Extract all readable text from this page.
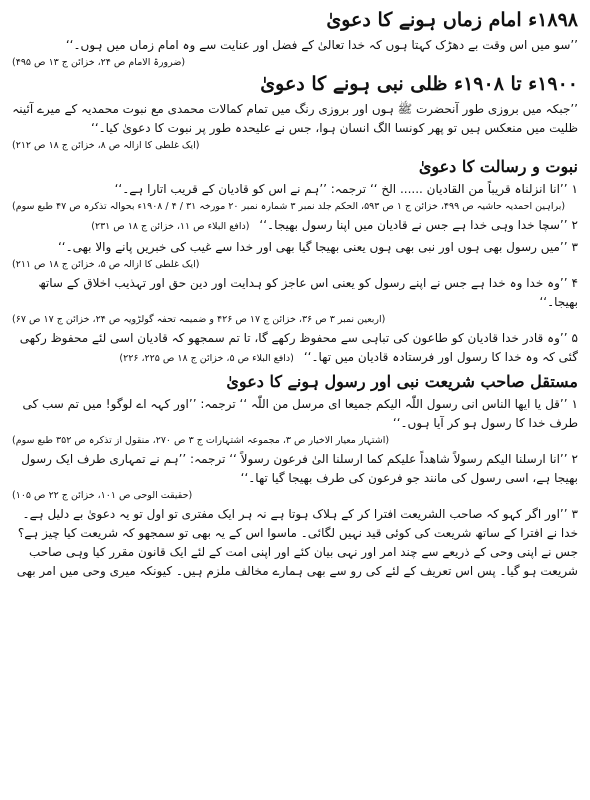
۱۸۹۸ء امام زماں ہونے کا دعویٰ

’’سو میں اس وقت بے دھڑک کہتا ہوں کہ خدا تعالیٰ کے فضل اور عنایت سے وہ امام زماں میں ہوں۔‘‘

(ضرورۃ الامام ص ۲۴، خزائن ج ۱۳ ص ۴۹۵)

۱۹۰۰ء تا ۱۹۰۸ء ظلی نبی ہونے کا دعویٰ

’’جبکہ میں بروزی طور آنحضرت ﷺ ہوں اور بروزی رنگ میں تمام کمالات محمدی مع نبوت محمدیہ کے میرے آئینہ ظلیت میں منعکس ہیں تو پھر کونسا الگ انسان ہوا، جس نے علیحدہ طور پر نبوت کا دعویٰ کیا۔‘‘

(ایک غلطی کا ازالہ ص ۸، خزائن ج ۱۸ ص ۲۱۲)

نبوت و رسالت کا دعویٰ

۱’’انا انزلناہ قریباً من القادیان ...... الخ ‘‘ ترجمہ: ’’ہم نے اس کو قادیان کے قریب اتارا ہے۔‘‘

(براہین احمدیہ حاشیہ ص ۴۹۹، خزائن ج ۱ ص ۵۹۳، الحکم جلد نمبر ۳ شمارہ نمبر ۲۰ مورخہ ۳۱ / ۴ / ۱۹۰۸ء بحوالہ تذکرہ ص ۴۷ طبع سوم)

۲’’سچا خدا وہی خدا ہے جس نے قادیان میں اپنا رسول بھیجا۔‘‘(دافع البلاء ص ۱۱، خزائن ج ۱۸ ص ۲۳۱)

۳’’میں رسول بھی ہوں اور نبی بھی ہوں یعنی بھیجا گیا بھی اور خدا سے غیب کی خبریں پانے والا بھی۔‘‘

(ایک غلطی کا ازالہ ص ۵، خزائن ج ۱۸ ص ۲۱۱)

۴’’وہ خدا وہ خدا ہے جس نے اپنے رسول کو یعنی اس عاجز کو ہدایت اور دین حق اور تہذیب اخلاق کے ساتھ بھیجا۔‘‘

(اربعین نمبر ۳ ص ۳۶، خزائن ج ۱۷ ص ۴۲۶ و ضمیمہ تحفہ گولڑویہ ص ۲۴، خزائن ج ۱۷ ص ۶۷)

۵’’وہ قادر خدا قادیان کو طاعون کی تباہی سے محفوظ رکھے گا، تا تم سمجھو کہ قادیان اسی لئے محفوظ رکھی گئی کہ وہ خدا کا رسول اور فرستادہ قادیان میں تھا۔‘‘(دافع البلاء ص ۵، خزائن ج ۱۸ ص ۲۲۵، ۲۲۶)

مستقل صاحب شریعت نبی اور رسول ہونے کا دعویٰ

۱’’قل یا ایھا الناس انی رسول اللّٰہ الیکم جمیعا ای مرسل من اللّٰہ ‘‘ ترجمہ: ’’اور کہہ اے لوگو! میں تم سب کی طرف خدا کا رسول ہو کر آیا ہوں۔‘‘

(اشتہار معیار الاخیار ص ۳، مجموعہ اشتہارات ج ۳ ص ۲۷۰، منقول از تذکرہ ص ۳۵۲ طبع سوم)

۲’’انا ارسلنا الیکم رسولاً شاھداً علیکم کما ارسلنا الیٰ فرعون رسولاً ‘‘ ترجمہ: ’’ہم نے تمہاری طرف ایک رسول بھیجا ہے، اسی رسول کی مانند جو فرعون کی طرف بھیجا گیا تھا۔‘‘

(حقیقت الوحی ص ۱۰۱، خزائن ج ۲۲ ص ۱۰۵)

۳’’اور اگر کہو کہ صاحب الشریعت افترا کر کے ہلاک ہوتا ہے نہ ہر ایک مفتری تو اول تو یہ دعویٰ بے دلیل ہے۔ خدا نے افترا کے ساتھ شریعت کی کوئی قید نہیں لگائی۔ ماسوا اس کے یہ بھی تو سمجھو کہ شریعت کیا چیز ہے؟ جس نے اپنی وحی کے ذریعے سے چند امر اور نہی بیان کئے اور اپنی امت کے لئے ایک قانون مقرر کیا وہی صاحب شریعت ہو گیا۔ پس اس تعریف کے لئے کی رو سے بھی ہمارے مخالف ملزم ہیں۔ کیونکہ میری وحی میں امر بھی
